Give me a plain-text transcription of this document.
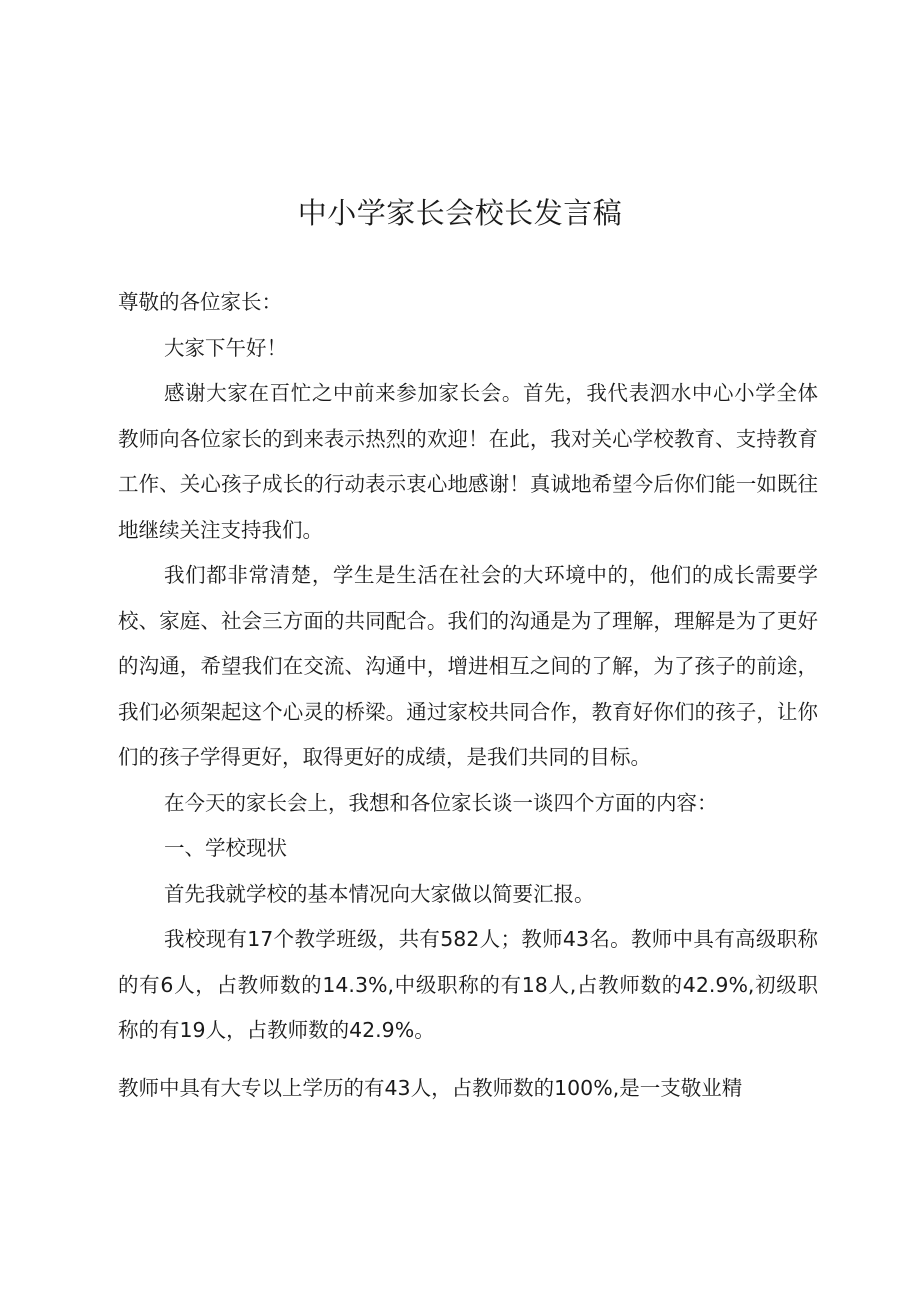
中小学家长会校长发言稿

尊敬的各位家长：

大家下午好！

感谢大家在百忙之中前来参加家长会。首先，我代表泗水中心小学全体教师向各位家长的到来表示热烈的欢迎！在此，我对关心学校教育、支持教育工作、关心孩子成长的行动表示衷心地感谢！真诚地希望今后你们能一如既往地继续关注支持我们。

我们都非常清楚，学生是生活在社会的大环境中的，他们的成长需要学校、家庭、社会三方面的共同配合。我们的沟通是为了理解，理解是为了更好的沟通，希望我们在交流、沟通中，增进相互之间的了解，为了孩子的前途，我们必须架起这个心灵的桥梁。通过家校共同合作，教育好你们的孩子，让你们的孩子学得更好，取得更好的成绩，是我们共同的目标。

在今天的家长会上，我想和各位家长谈一谈四个方面的内容：

一、学校现状

首先我就学校的基本情况向大家做以简要汇报。

我校现有17个教学班级，共有582人；教师43名。教师中具有高级职称的有6人，占教师数的14.3%,中级职称的有18人,占教师数的42.9%,初级职称的有19人，占教师数的42.9%。

教师中具有大专以上学历的有43人，占教师数的100%,是一支敬业精
